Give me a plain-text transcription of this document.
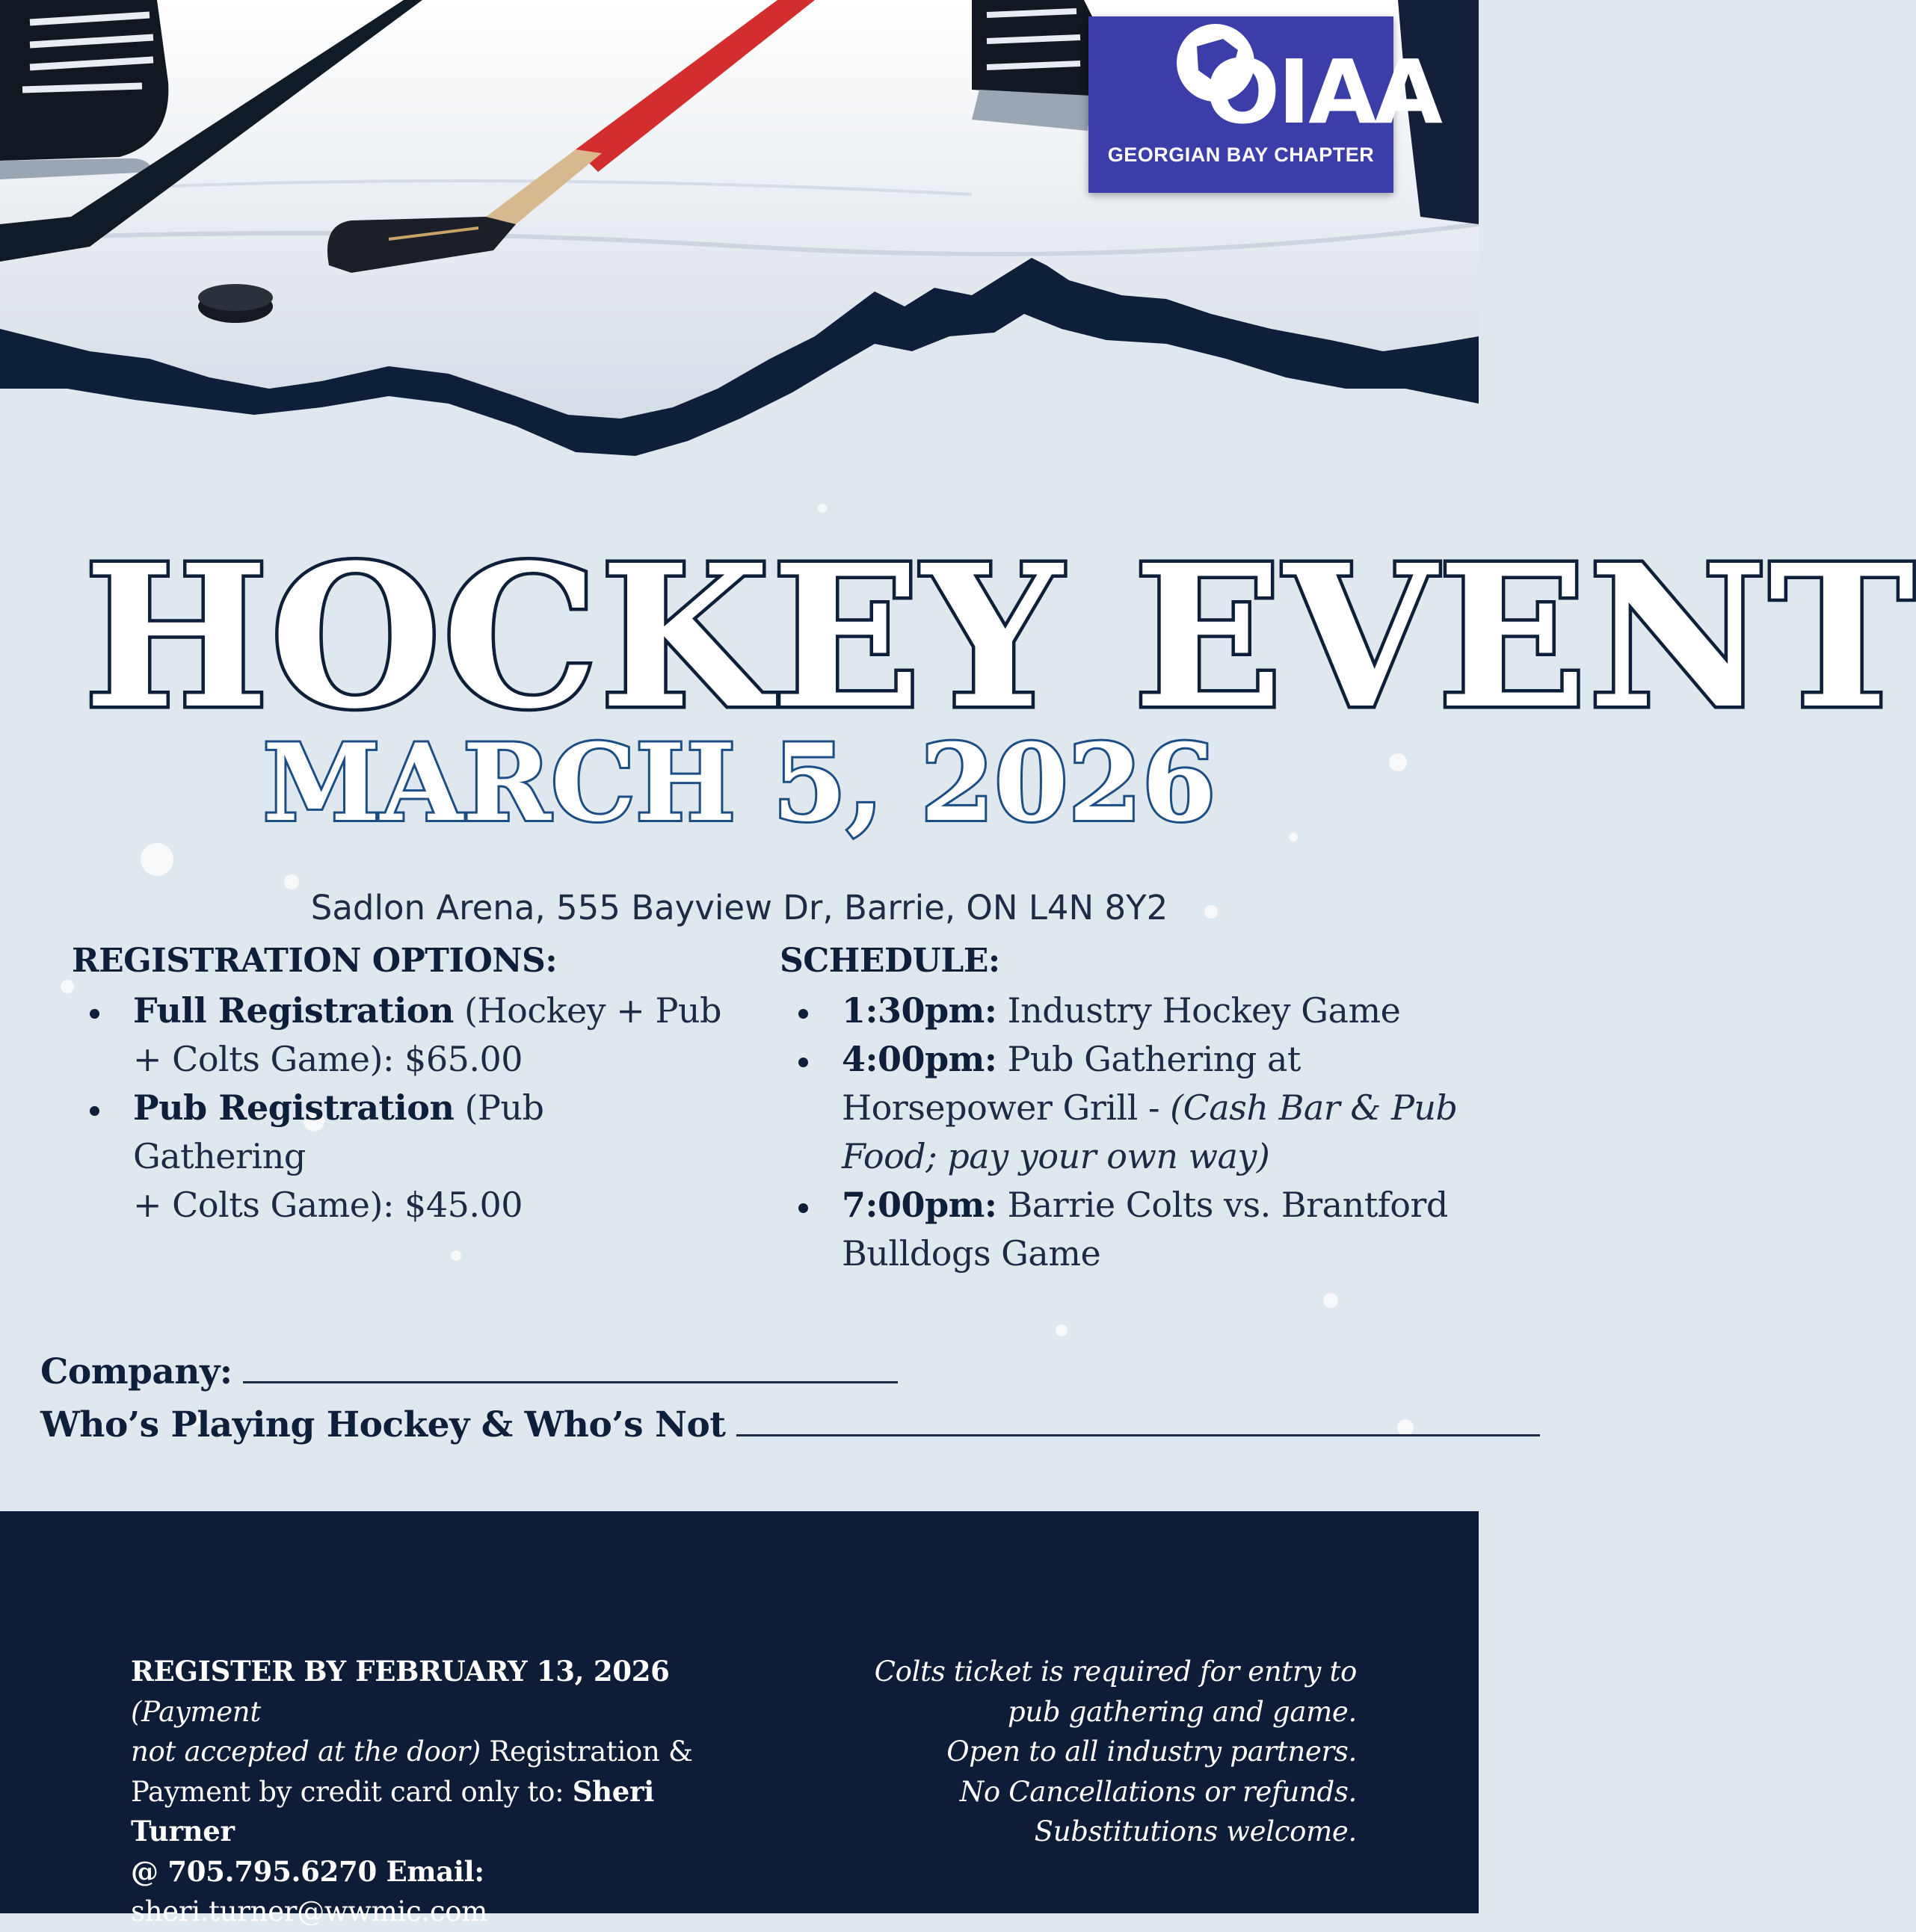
OIAA
GEORGIAN BAY CHAPTER
HOCKEY EVENT
MARCH 5, 2026
Sadlon Arena, 555 Bayview Dr, Barrie, ON L4N 8Y2
REGISTRATION OPTIONS:
Full Registration (Hockey + Pub
+ Colts Game): $65.00
Pub Registration (Pub Gathering
+ Colts Game): $45.00
SCHEDULE:
1:30pm: Industry Hockey Game
4:00pm: Pub Gathering at
Horsepower Grill - (Cash Bar & Pub
Food; pay your own way)
7:00pm: Barrie Colts vs. Brantford
Bulldogs Game
Company:
Who’s Playing Hockey & Who’s Not
REGISTER BY FEBRUARY 13, 2026 (Payment
not accepted at the door) Registration &
Payment by credit card only to: Sheri Turner
@ 705.795.6270 Email:
sheri.turner@wwmic.com
Colts ticket is required for entry to
pub gathering and game.
Open to all industry partners.
No Cancellations or refunds.
Substitutions welcome.
